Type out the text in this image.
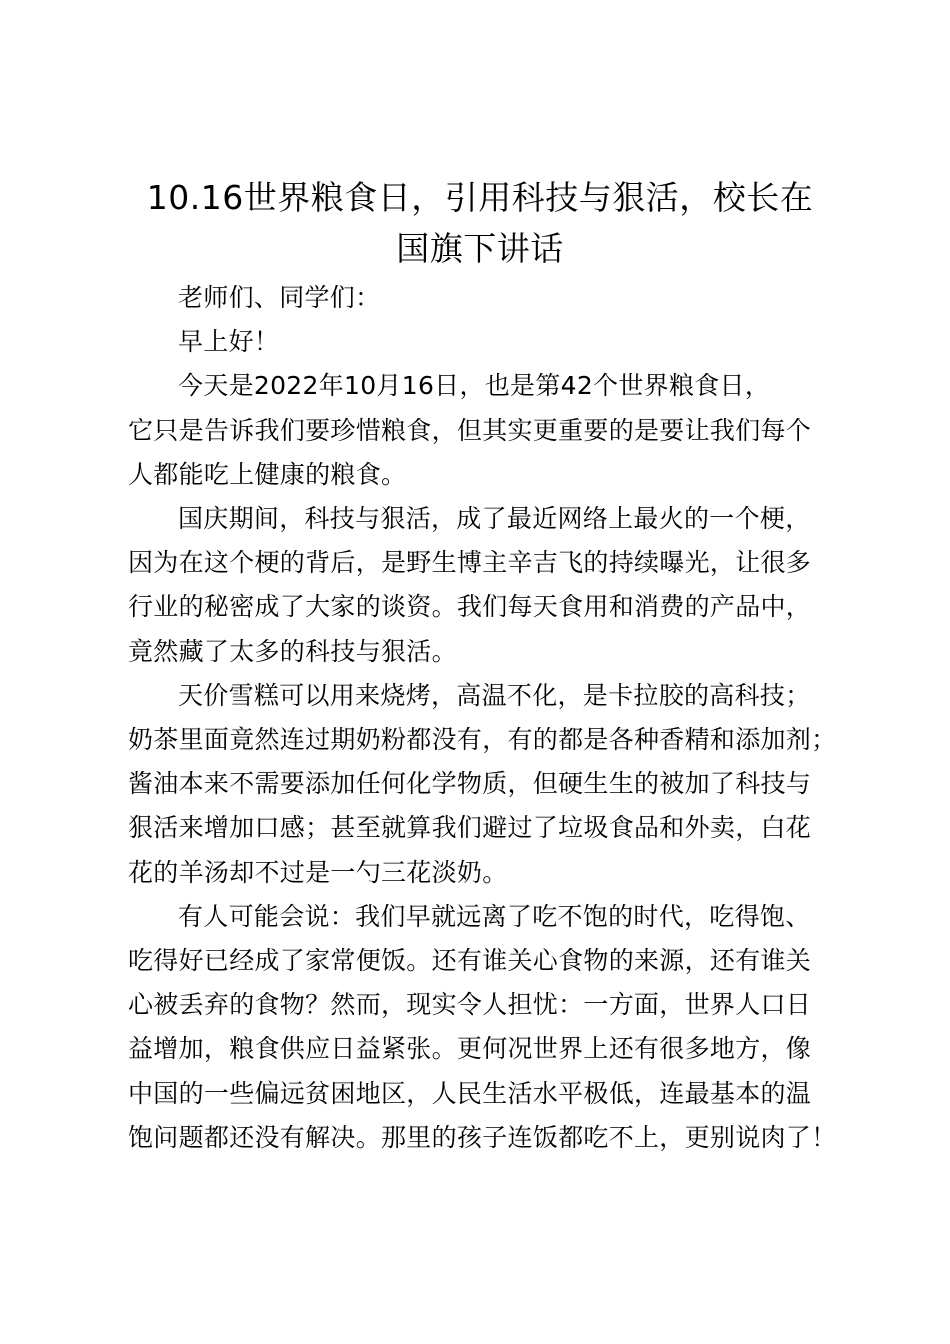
10.16世界粮食日，引用科技与狠活，校长在
国旗下讲话

老师们、同学们：

早上好！

今天是2022年10月16日，也是第42个世界粮食日，
它只是告诉我们要珍惜粮食，但其实更重要的是要让我们每个
人都能吃上健康的粮食。

国庆期间，科技与狠活，成了最近网络上最火的一个梗，
因为在这个梗的背后，是野生博主辛吉飞的持续曝光，让很多
行业的秘密成了大家的谈资。我们每天食用和消费的产品中，
竟然藏了太多的科技与狠活。

天价雪糕可以用来烧烤，高温不化，是卡拉胶的高科技；
奶茶里面竟然连过期奶粉都没有，有的都是各种香精和添加剂；
酱油本来不需要添加任何化学物质，但硬生生的被加了科技与
狠活来增加口感；甚至就算我们避过了垃圾食品和外卖，白花
花的羊汤却不过是一勺三花淡奶。

有人可能会说：我们早就远离了吃不饱的时代，吃得饱、
吃得好已经成了家常便饭。还有谁关心食物的来源，还有谁关
心被丢弃的食物？然而，现实令人担忧：一方面，世界人口日
益增加，粮食供应日益紧张。更何况世界上还有很多地方，像
中国的一些偏远贫困地区，人民生活水平极低，连最基本的温
饱问题都还没有解决。那里的孩子连饭都吃不上，更别说肉了！
